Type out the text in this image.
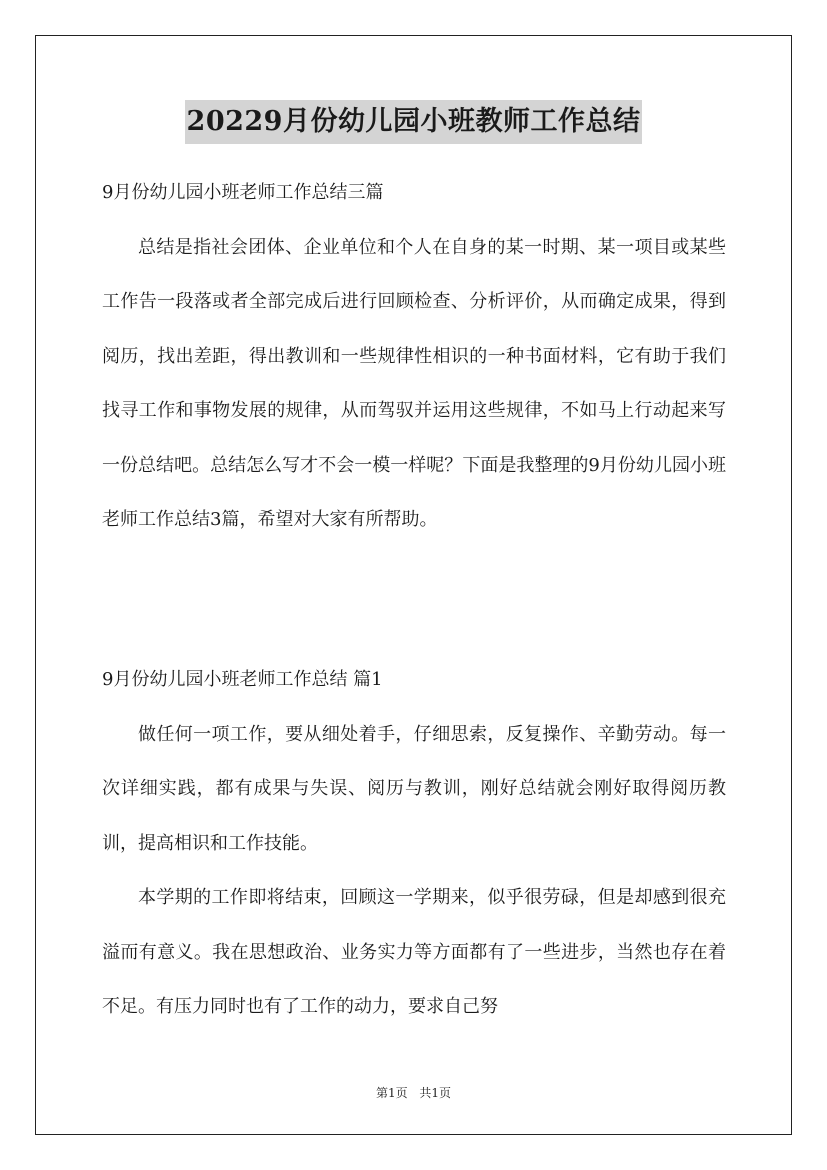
20229月份幼儿园小班教师工作总结
9月份幼儿园小班老师工作总结三篇
总结是指社会团体、企业单位和个人在自身的某一时期、某一项目或某些工作告一段落或者全部完成后进行回顾检查、分析评价，从而确定成果，得到阅历，找出差距，得出教训和一些规律性相识的一种书面材料，它有助于我们找寻工作和事物发展的规律，从而驾驭并运用这些规律，不如马上行动起来写一份总结吧。总结怎么写才不会一模一样呢？下面是我整理的9月份幼儿园小班老师工作总结3篇，希望对大家有所帮助。
9月份幼儿园小班老师工作总结 篇1
做任何一项工作，要从细处着手，仔细思索，反复操作、辛勤劳动。每一次详细实践，都有成果与失误、阅历与教训，刚好总结就会刚好取得阅历教训，提高相识和工作技能。
本学期的工作即将结束，回顾这一学期来，似乎很劳碌，但是却感到很充溢而有意义。我在思想政治、业务实力等方面都有了一些进步，当然也存在着不足。有压力同时也有了工作的动力，要求自己努
第1页 共1页
